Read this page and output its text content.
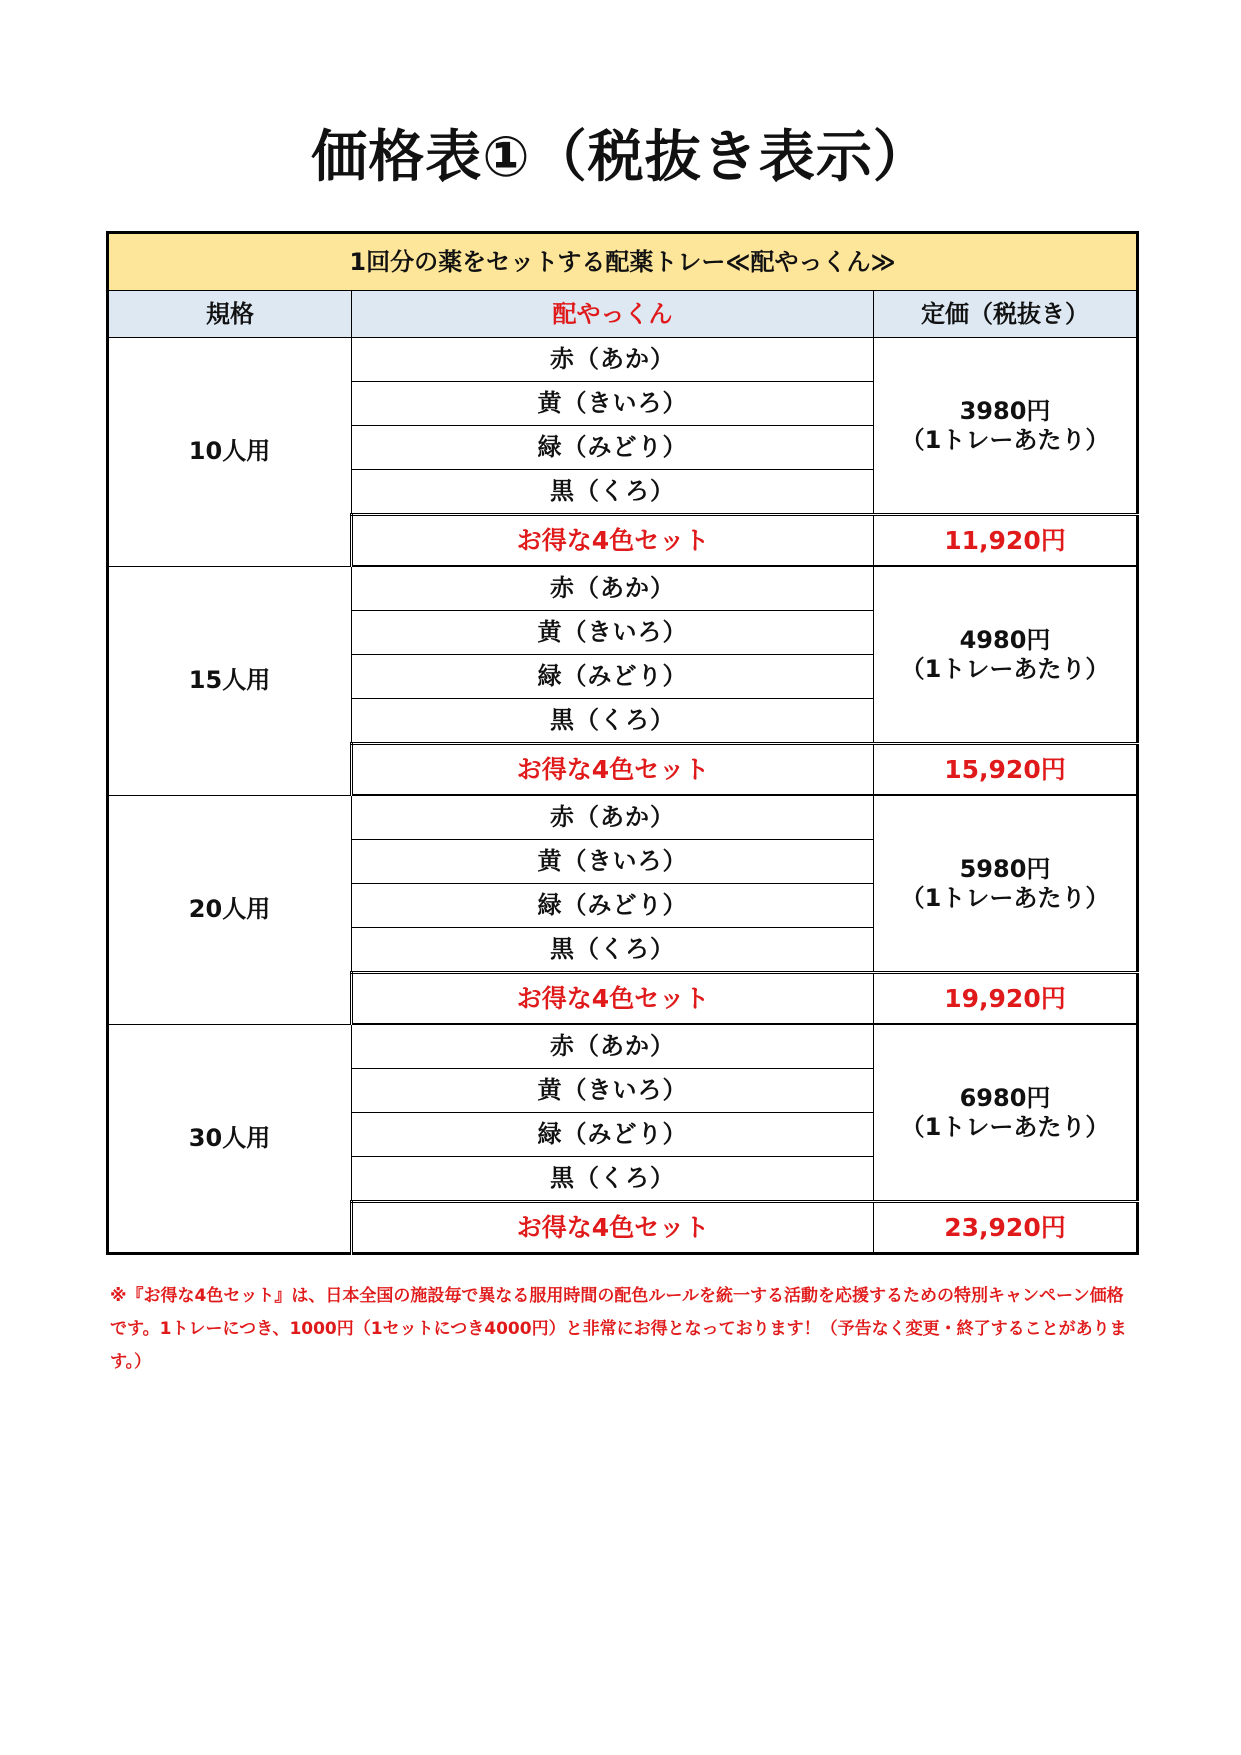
価格表①（税抜き表示）
1回分の薬をセットする配薬トレー≪配やっくん≫		
規格	配やっくん	定価（税抜き）
10人用	赤（あか）	3980円
（1トレーあたり）

	黄（きいろ）	
	緑（みどり）	
	黒（くろ）	
	お得な4色セット	11,920円
15人用	赤（あか）	4980円
（1トレーあたり）

	黄（きいろ）	
	緑（みどり）	
	黒（くろ）	
	お得な4色セット	15,920円
20人用	赤（あか）	5980円
（1トレーあたり）

	黄（きいろ）	
	緑（みどり）	
	黒（くろ）	
	お得な4色セット	19,920円
30人用	赤（あか）	6980円
（1トレーあたり）

	黄（きいろ）	
	緑（みどり）	
	黒（くろ）	
	お得な4色セット	23,920円
※『お得な4色セット』は、日本全国の施設毎で異なる服用時間の配色ルールを統一する活動を応援するための特別キャンペーン価格です。1トレーにつき、1000円（1セットにつき4000円）と非常にお得となっております！（予告なく変更・終了することがあります。）
